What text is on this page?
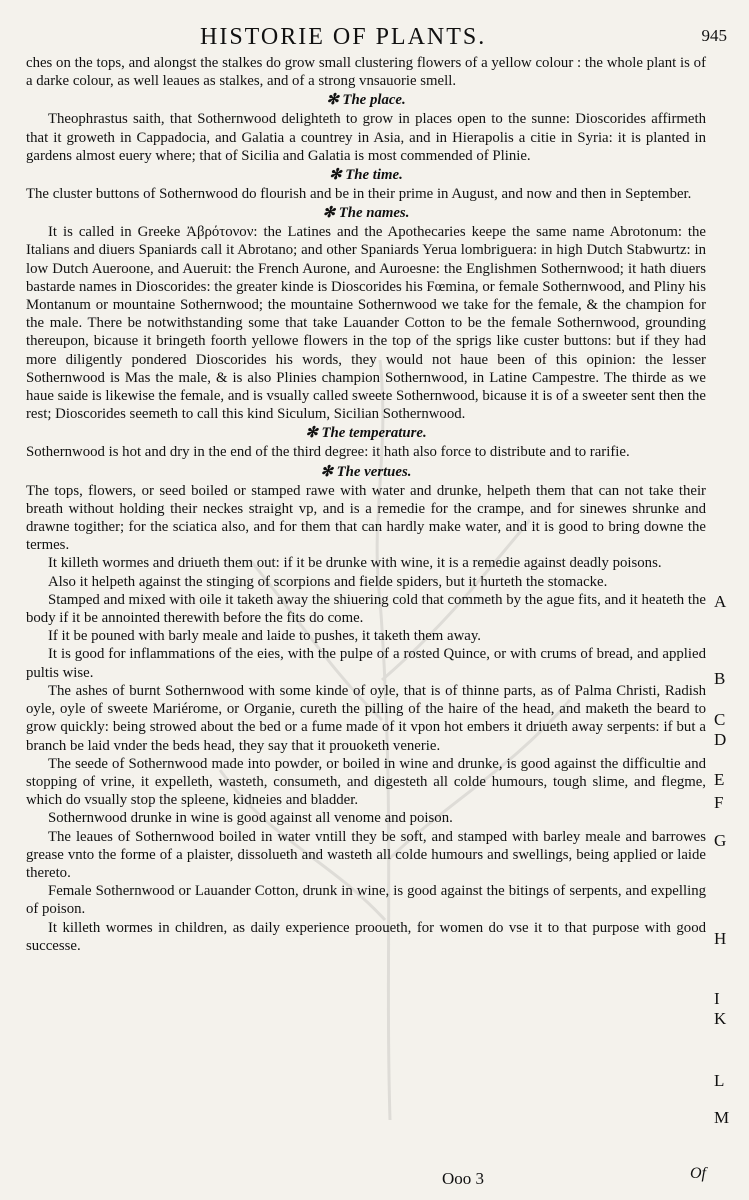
HISTORIE OF PLANTS.	945

ches on the tops, and alongst the stalkes do grow small clustering flowers of a yellow colour : the whole plant is of a darke colour, as well leaues as stalkes, and of a strong vnsauorie smell.

✻ The place.

Theophrastus saith, that Sothernwood delighteth to grow in places open to the sunne: Dioscorides affirmeth that it groweth in Cappadocia, and Galatia a countrey in Asia, and in Hierapolis a citie in Syria: it is planted in gardens almost euery where; that of Sicilia and Galatia is most commended of Plinie.

✻ The time.

The cluster buttons of Sothernwood do flourish and be in their prime in August, and now and then in September.

✻ The names.

It is called in Greeke Ἀβρότονον: the Latines and the Apothecaries keepe the same name Abrotonum: the Italians and diuers Spaniards call it Abrotano; and other Spaniards Yerua lombriguera: in high Dutch Stabwurtz: in low Dutch Aueroone, and Aueruit: the French Aurone, and Auroesne: the Englishmen Sothernwood; it hath diuers bastarde names in Dioscorides: the greater kinde is Dioscorides his Fœmina, or female Sothernwood, and Pliny his Montanum or mountaine Sothernwood; the mountaine Sothernwood we take for the female, & the champion for the male. There be notwithstanding some that take Lauander Cotton to be the female Sothernwood, grounding thereupon, bicause it bringeth foorth yellowe flowers in the top of the sprigs like custer buttons: but if they had more diligently pondered Dioscorides his words, they would not haue been of this opinion: the lesser Sothernwood is Mas the male, & is also Plinies champion Sothernwood, in Latine Campestre. The thirde as we haue saide is likewise the female, and is vsually called sweete Sothernwood, bicause it is of a sweeter sent then the rest; Dioscorides seemeth to call this kind Siculum, Sicilian Sothernwood.

✻ The temperature.

Sothernwood is hot and dry in the end of the third degree: it hath also force to distribute and to rarifie.

✻ The vertues.

The tops, flowers, or seed boiled or stamped rawe with water and drunke, helpeth them that can not take their breath without holding their neckes straight vp, and is a remedie for the crampe, and for sinewes shrunke and drawne togither; for the sciatica also, and for them that can hardly make water, and it is good to bring downe the termes.

It killeth wormes and driueth them out: if it be drunke with wine, it is a remedie against deadly poisons.

Also it helpeth against the stinging of scorpions and fielde spiders, but it hurteth the stomacke.

Stamped and mixed with oile it taketh away the shiuering cold that commeth by the ague fits, and it heateth the body if it be annointed therewith before the fits do come.

If it be pouned with barly meale and laide to pushes, it taketh them away.

It is good for inflammations of the eies, with the pulpe of a rosted Quince, or with crums of bread, and applied pultis wise.

The ashes of burnt Sothernwood with some kinde of oyle, that is of thinne parts, as of Palma Christi, Radish oyle, oyle of sweete Mariérome, or Organie, cureth the pilling of the haire of the head, and maketh the beard to grow quickly: being strowed about the bed or a fume made of it vpon hot embers it driueth away serpents: if but a branch be laid vnder the beds head, they say that it prouoketh venerie.

The seede of Sothernwood made into powder, or boiled in wine and drunke, is good against the difficultie and stopping of vrine, it expelleth, wasteth, consumeth, and digesteth all colde humours, tough slime, and flegme, which do vsually stop the spleene, kidneies and bladder.

Sothernwood drunke in wine is good against all venome and poison.

The leaues of Sothernwood boiled in water vntill they be soft, and stamped with barley meale and barrowes grease vnto the forme of a plaister, dissolueth and wasteth all colde humours and swellings, being applied or laide thereto.

Female Sothernwood or Lauander Cotton, drunk in wine, is good against the bitings of serpents, and expelling of poison.

It killeth wormes in children, as daily experience prooueth, for women do vse it to that purpose with good successe.

A
B
C
D
E
F
G
H
I
K
L
M
Ooo 3	Of
